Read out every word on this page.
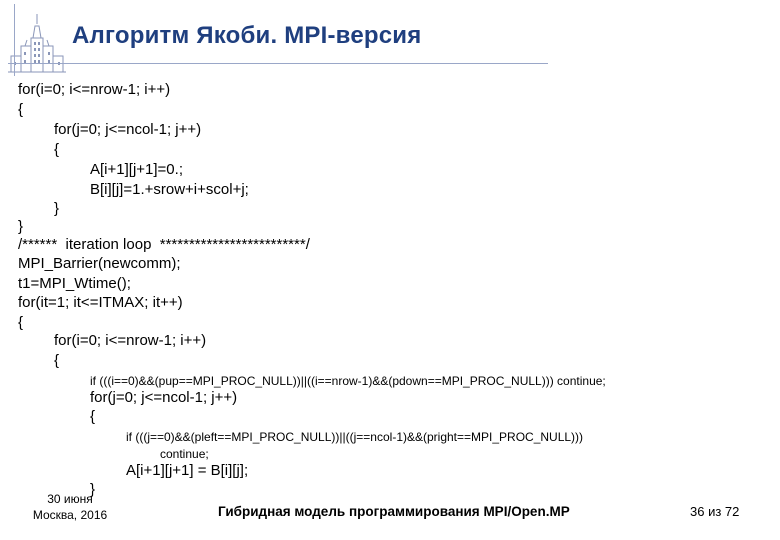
Алгоритм Якоби. MPI-версия
for(i=0; i<=nrow-1; i++)
{
for(j=0; j<=ncol-1; j++)
{
A[i+1][j+1]=0.;
B[i][j]=1.+srow+i+scol+j;
}
}
/******  iteration loop  *************************/
MPI_Barrier(newcomm);
t1=MPI_Wtime();
for(it=1; it<=ITMAX; it++)
{
for(i=0; i<=nrow-1; i++)
{
if (((i==0)&&(pup==MPI_PROC_NULL))||((i==nrow-1)&&(pdown==MPI_PROC_NULL))) continue;
for(j=0; j<=ncol-1; j++)
{
if (((j==0)&&(pleft==MPI_PROC_NULL))||((j==ncol-1)&&(pright==MPI_PROC_NULL)))
continue;
A[i+1][j+1] = B[i][j];
}
30 июня
Москва, 2016	Гибридная модель программирования MPI/Open.MP	36 из 72
